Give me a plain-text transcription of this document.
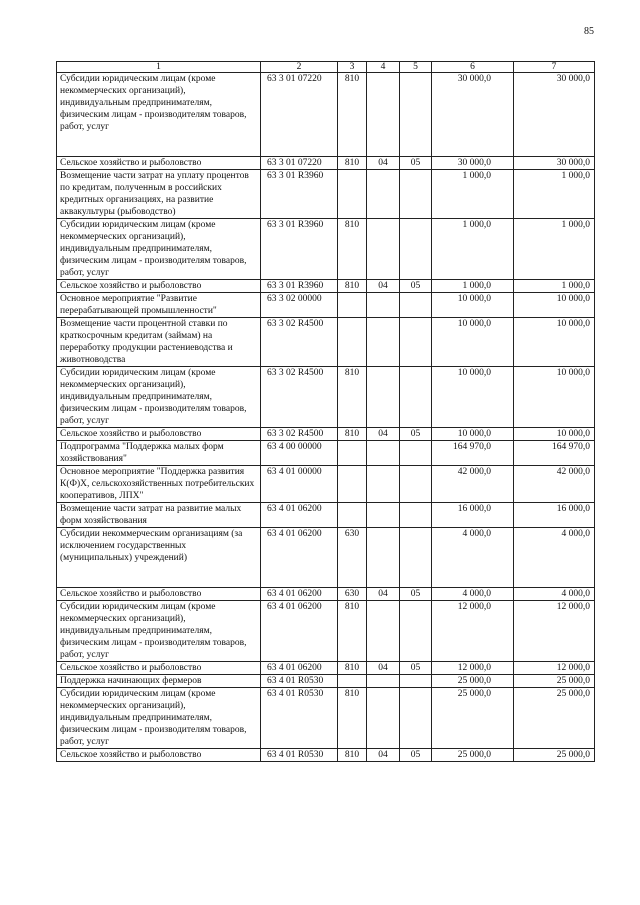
85
1	2	3	4	5	6	7
Субсидии юридическим лицам (кроме некоммерческих организаций), индивидуальным предпринимателям, физическим лицам - производителям товаров, работ, услуг	63 3 01 07220	810			30 000,0	30 000,0
Сельское хозяйство и рыболовство	63 3 01 07220	810	04	05	30 000,0	30 000,0
Возмещение части затрат на уплату процентов по кредитам, полученным в российских кредитных организациях, на развитие аквакультуры (рыбоводство)	63 3 01 R3960				1 000,0	1 000,0
Субсидии юридическим лицам (кроме некоммерческих организаций), индивидуальным предпринимателям, физическим лицам - производителям товаров, работ, услуг	63 3 01 R3960	810			1 000,0	1 000,0
Сельское хозяйство и рыболовство	63 3 01 R3960	810	04	05	1 000,0	1 000,0
Основное мероприятие "Развитие перерабатывающей промышленности"	63 3 02 00000				10 000,0	10 000,0
Возмещение части процентной ставки по краткосрочным кредитам (займам) на переработку продукции растениеводства и животноводства	63 3 02 R4500				10 000,0	10 000,0
Субсидии юридическим лицам (кроме некоммерческих организаций), индивидуальным предпринимателям, физическим лицам - производителям товаров, работ, услуг	63 3 02 R4500	810			10 000,0	10 000,0
Сельское хозяйство и рыболовство	63 3 02 R4500	810	04	05	10 000,0	10 000,0
Подпрограмма "Поддержка малых форм хозяйствования"	63 4 00 00000				164 970,0	164 970,0
Основное мероприятие "Поддержка развития К(Ф)Х, сельскохозяйственных потребительских кооперативов, ЛПХ"	63 4 01 00000				42 000,0	42 000,0
Возмещение части затрат на развитие малых форм хозяйствования	63 4 01 06200				16 000,0	16 000,0
Субсидии некоммерческим организациям (за исключением государственных (муниципальных) учреждений)	63 4 01 06200	630			4 000,0	4 000,0
Сельское хозяйство и рыболовство	63 4 01 06200	630	04	05	4 000,0	4 000,0
Субсидии юридическим лицам (кроме некоммерческих организаций), индивидуальным предпринимателям, физическим лицам - производителям товаров, работ, услуг	63 4 01 06200	810			12 000,0	12 000,0
Сельское хозяйство и рыболовство	63 4 01 06200	810	04	05	12 000,0	12 000,0
Поддержка начинающих фермеров	63 4 01 R0530				25 000,0	25 000,0
Субсидии юридическим лицам (кроме некоммерческих организаций), индивидуальным предпринимателям, физическим лицам - производителям товаров, работ, услуг	63 4 01 R0530	810			25 000,0	25 000,0
Сельское хозяйство и рыболовство	63 4 01 R0530	810	04	05	25 000,0	25 000,0
